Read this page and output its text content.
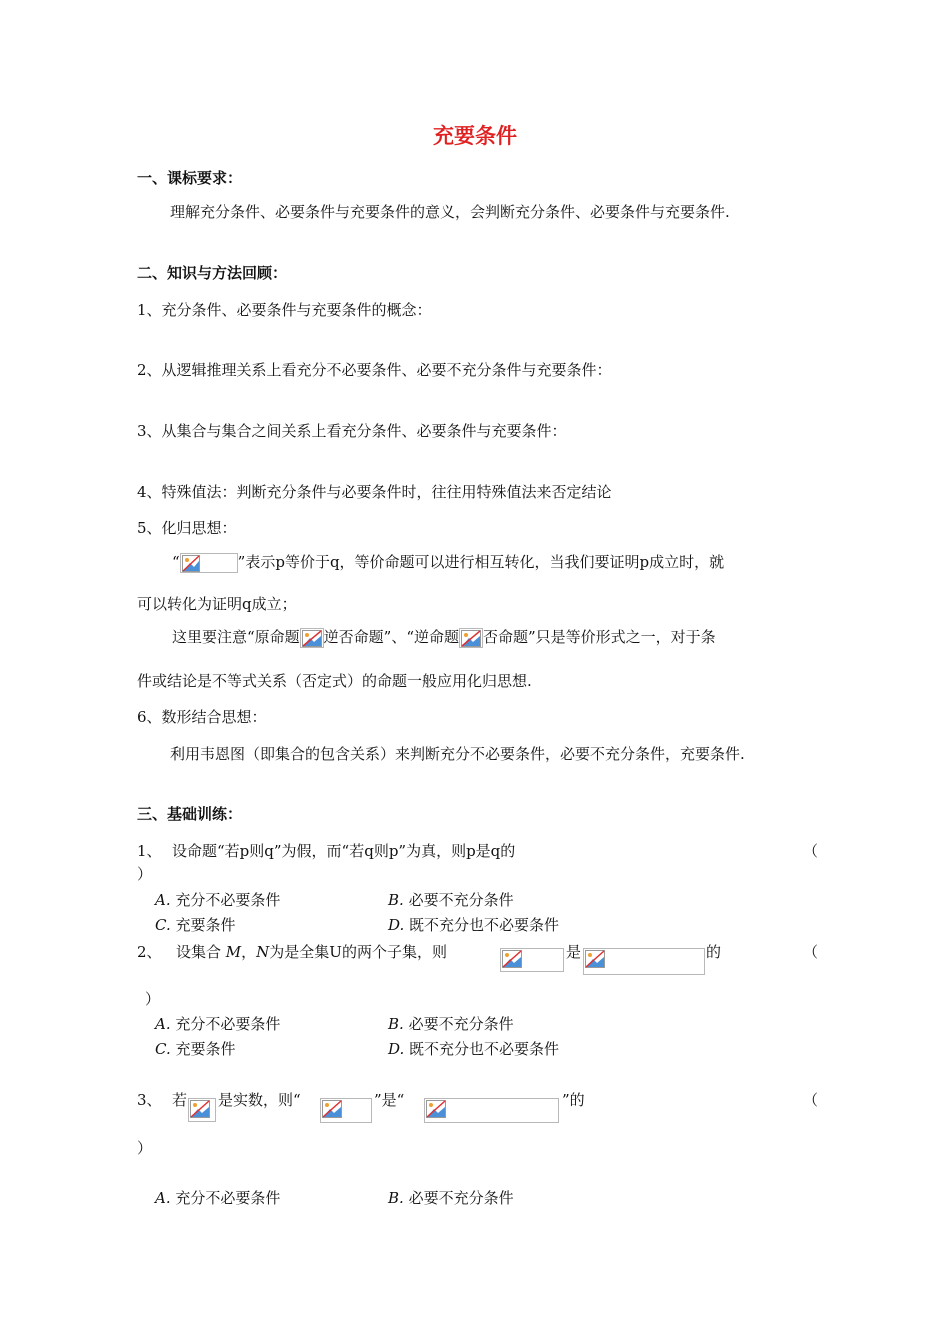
充要条件
一、课标要求：
理解充分条件、必要条件与充要条件的意义，会判断充分条件、必要条件与充要条件.
二、知识与方法回顾：
1、充分条件、必要条件与充要条件的概念：
2、从逻辑推理关系上看充分不必要条件、必要不充分条件与充要条件：
3、从集合与集合之间关系上看充分条件、必要条件与充要条件：
4、特殊值法：判断充分条件与必要条件时，往往用特殊值法来否定结论
5、化归思想：
“	”表示p等价于q，等价命题可以进行相互转化，当我们要证明p成立时，就
可以转化为证明q成立；
这里要注意“原命题 逆否命题”、“逆命题 否命题”只是等价形式之一，对于条
件或结论是不等式关系（否定式）的命题一般应用化归思想.
6、数形结合思想：
利用韦恩图（即集合的包含关系）来判断充分不必要条件，必要不充分条件，充要条件.
三、基础训练：
1、 设命题“若p则q”为假，而“若q则p”为真，则p是q的	（
）
A. 充分不必要条件	B. 必要不充分条件
C. 充要条件	D. 既不充分也不必要条件
2、 设集合 M，N为是全集U的两个子集，则	是	的	（
）
A. 充分不必要条件	B. 必要不充分条件
C. 充要条件	D. 既不充分也不必要条件
3、 若 是实数，则“	”是“	”的	（
）
A. 充分不必要条件	B. 必要不充分条件
